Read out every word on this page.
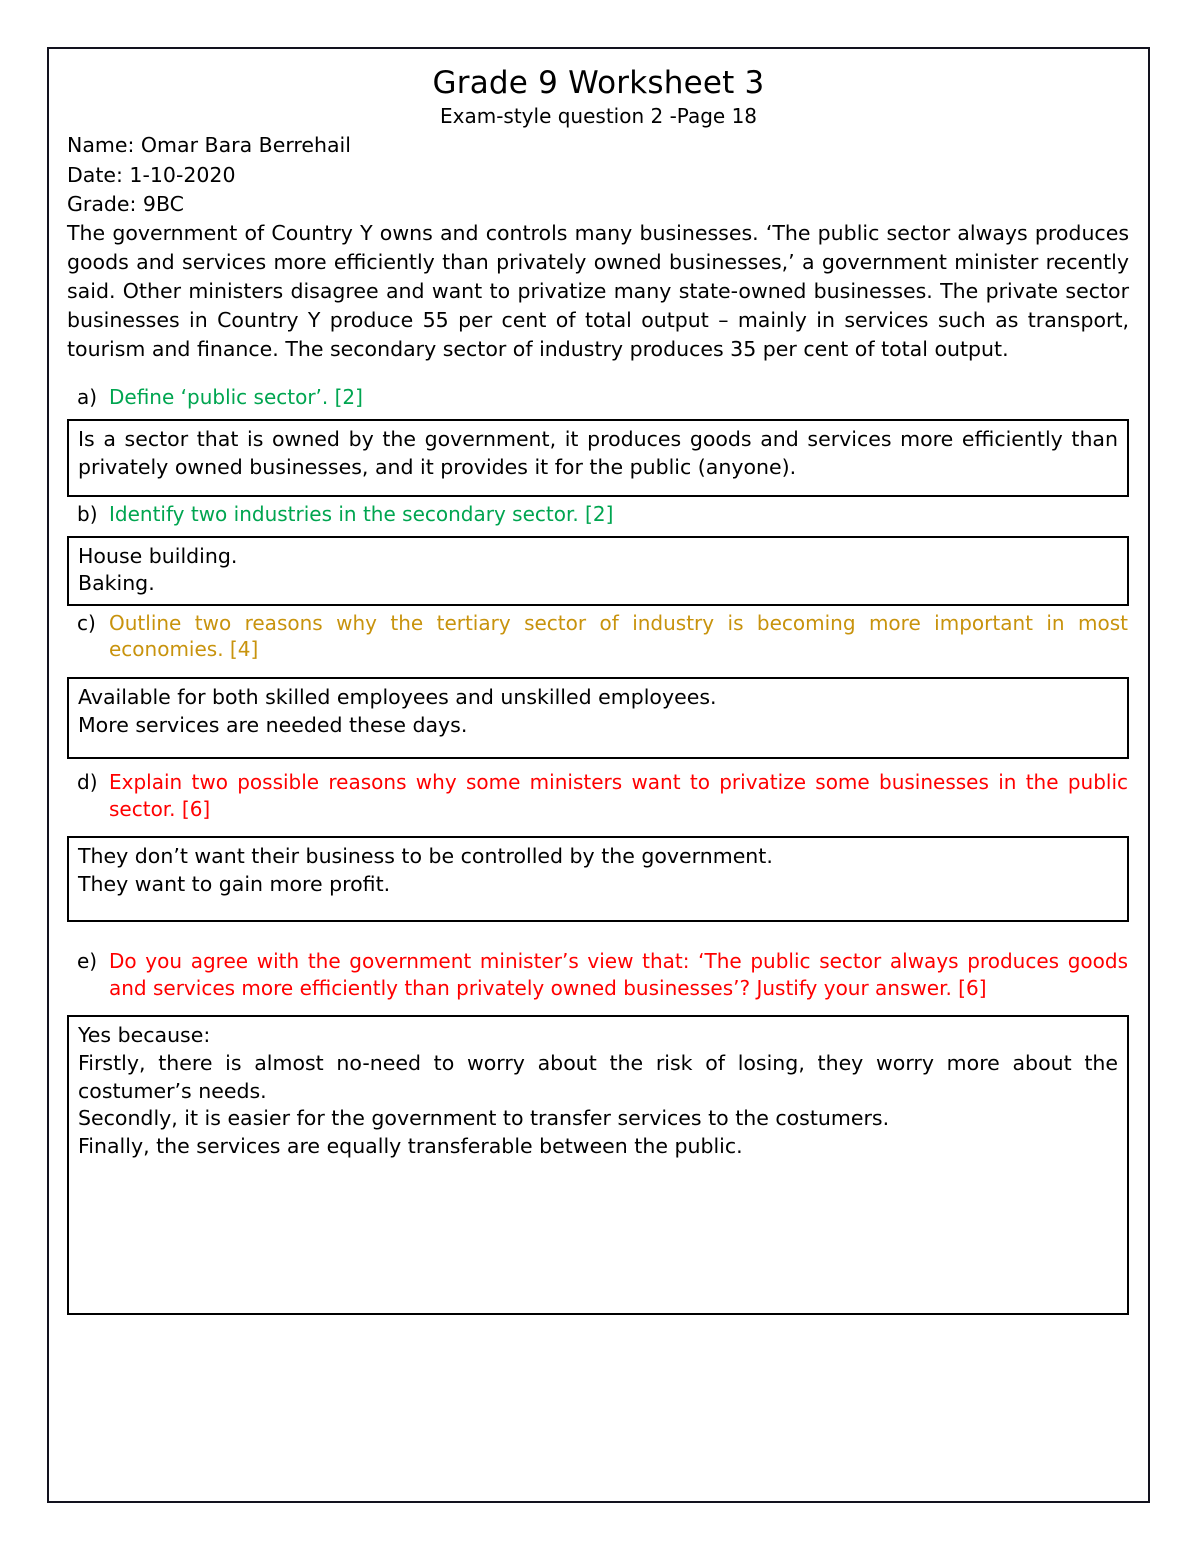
Grade 9 Worksheet 3
Exam-style question 2 -Page 18
Name: Omar Bara Berrehail
Date: 1-10-2020
Grade: 9BC
The government of Country Y owns and controls many businesses. ‘The public sector always produces goods and services more efficiently than privately owned businesses,’ a government minister recently said. Other ministers disagree and want to privatize many state-owned businesses. The private sector businesses in Country Y produce 55 per cent of total output – mainly in services such as transport, tourism and finance. The secondary sector of industry produces 35 per cent of total output.
a) Define ‘public sector’. [2]
Is a sector that is owned by the government, it produces goods and services more efficiently than privately owned businesses, and it provides it for the public (anyone).
b) Identify two industries in the secondary sector. [2]
House building.
Baking.
c) Outline two reasons why the tertiary sector of industry is becoming more important in most economies. [4]
Available for both skilled employees and unskilled employees.
More services are needed these days.
d) Explain two possible reasons why some ministers want to privatize some businesses in the public sector. [6]
They don’t want their business to be controlled by the government.
They want to gain more profit.
e) Do you agree with the government minister’s view that: ‘The public sector always produces goods and services more efficiently than privately owned businesses’? Justify your answer. [6]
Yes because:
Firstly, there is almost no-need to worry about the risk of losing, they worry more about the costumer’s needs.
Secondly, it is easier for the government to transfer services to the costumers.
Finally, the services are equally transferable between the public.
